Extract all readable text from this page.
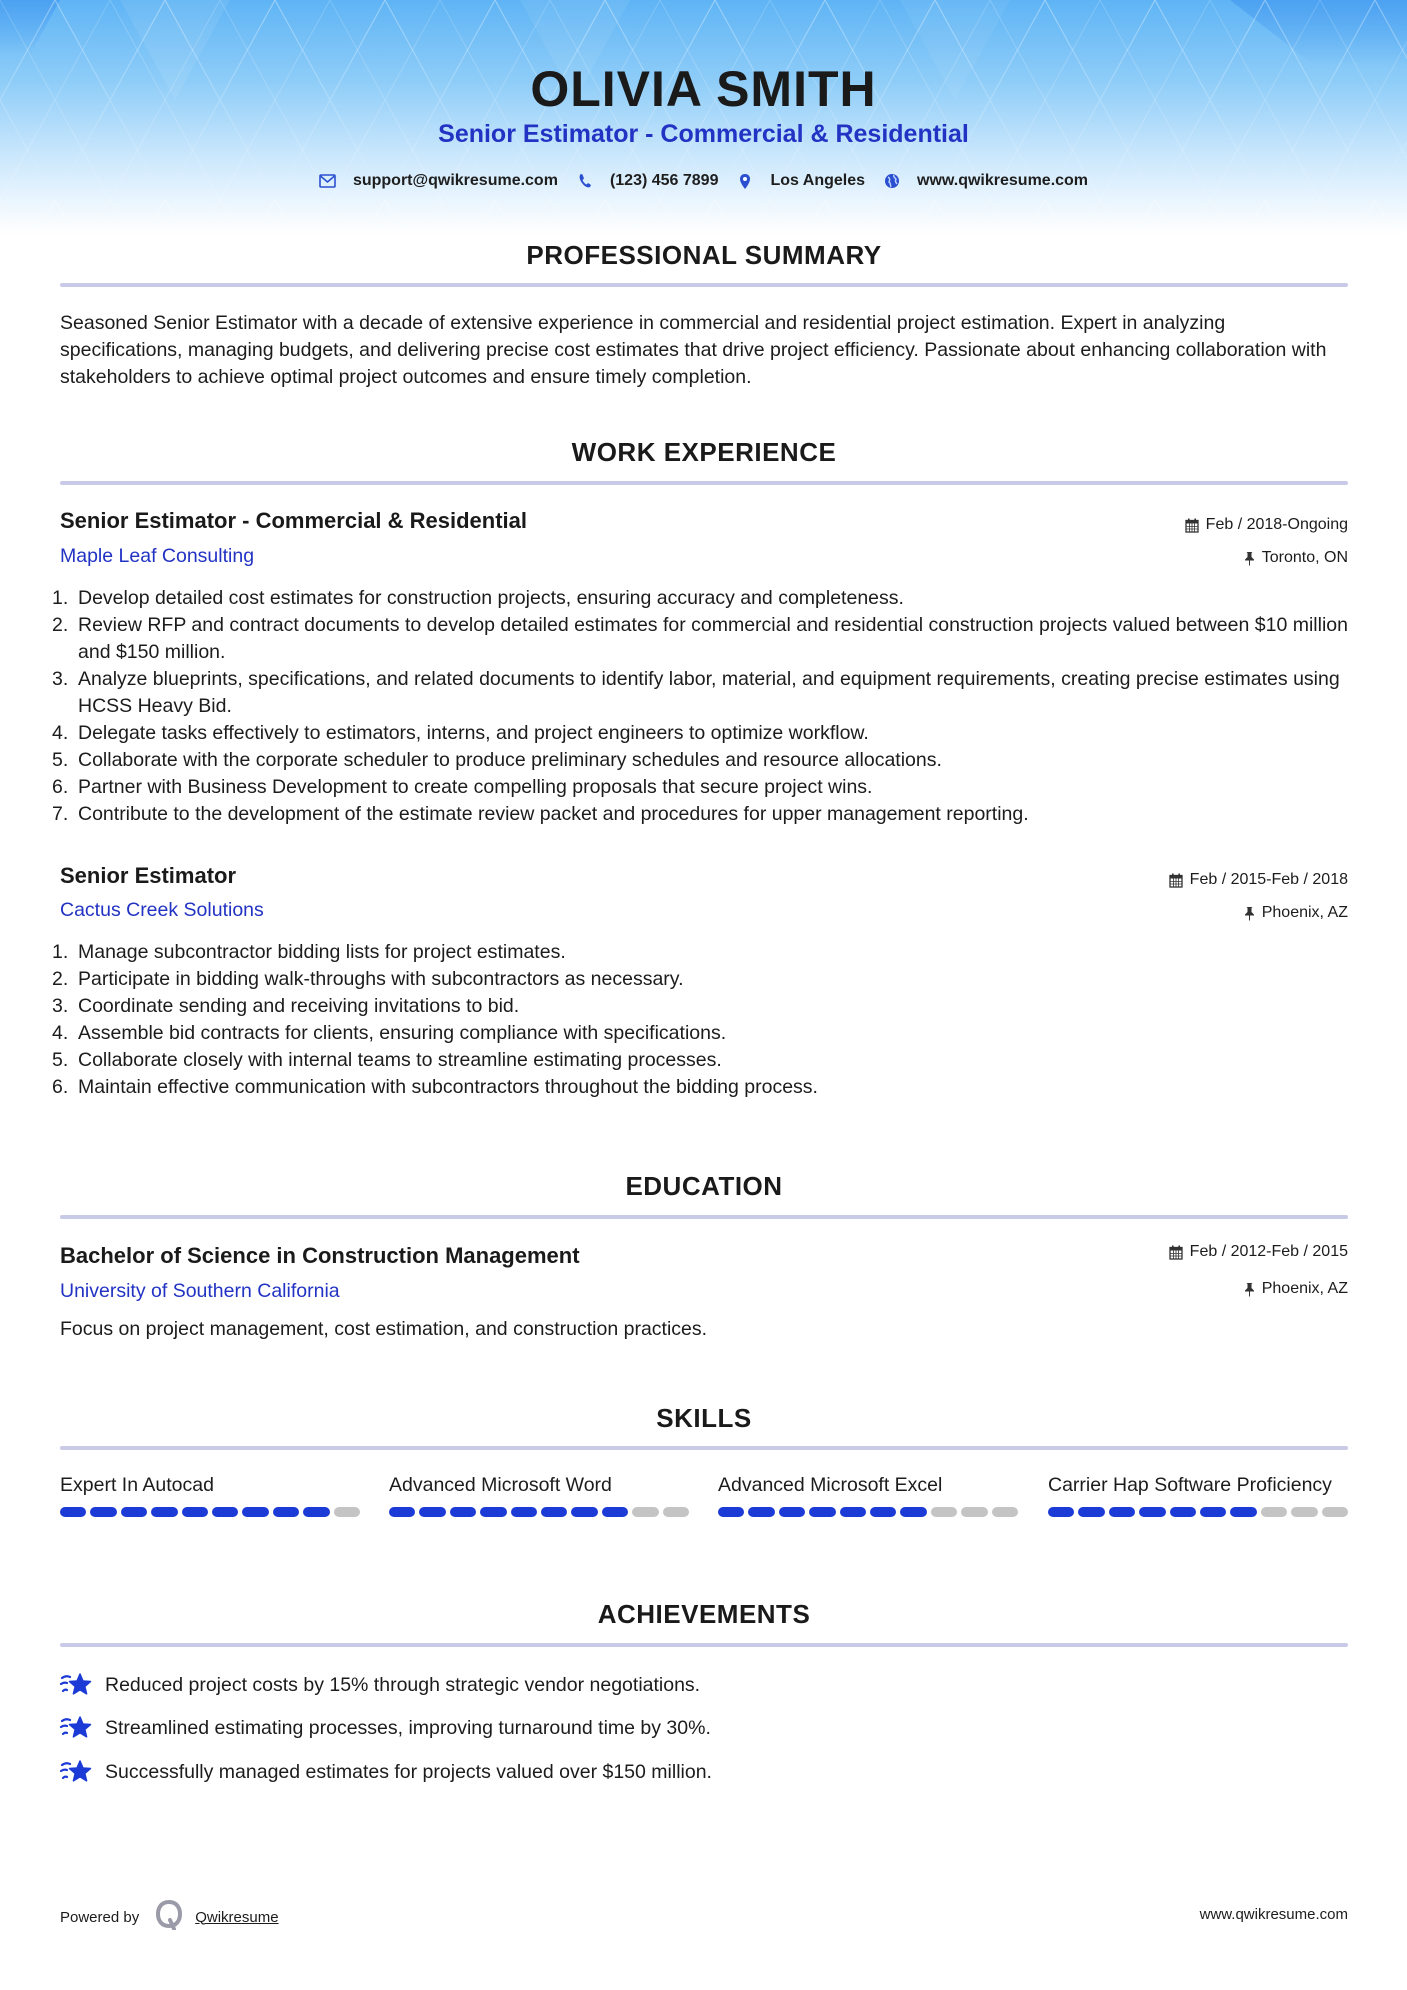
OLIVIA SMITH
Senior Estimator - Commercial & Residential
support@qwikresume.com	(123) 456 7899	Los Angeles	www.qwikresume.com
PROFESSIONAL SUMMARY
Seasoned Senior Estimator with a decade of extensive experience in commercial and residential project estimation. Expert in analyzing specifications, managing budgets, and delivering precise cost estimates that drive project efficiency. Passionate about enhancing collaboration with stakeholders to achieve optimal project outcomes and ensure timely completion.
WORK EXPERIENCE
Senior Estimator - Commercial & Residential
Maple Leaf Consulting
Feb / 2018-Ongoing
Toronto, ON
1. Develop detailed cost estimates for construction projects, ensuring accuracy and completeness.
2. Review RFP and contract documents to develop detailed estimates for commercial and residential construction projects valued between $10 million and $150 million.
3. Analyze blueprints, specifications, and related documents to identify labor, material, and equipment requirements, creating precise estimates using HCSS Heavy Bid.
4. Delegate tasks effectively to estimators, interns, and project engineers to optimize workflow.
5. Collaborate with the corporate scheduler to produce preliminary schedules and resource allocations.
6. Partner with Business Development to create compelling proposals that secure project wins.
7. Contribute to the development of the estimate review packet and procedures for upper management reporting.
Senior Estimator
Cactus Creek Solutions
Feb / 2015-Feb / 2018
Phoenix, AZ
1. Manage subcontractor bidding lists for project estimates.
2. Participate in bidding walk-throughs with subcontractors as necessary.
3. Coordinate sending and receiving invitations to bid.
4. Assemble bid contracts for clients, ensuring compliance with specifications.
5. Collaborate closely with internal teams to streamline estimating processes.
6. Maintain effective communication with subcontractors throughout the bidding process.
EDUCATION
Bachelor of Science in Construction Management
University of Southern California
Feb / 2012-Feb / 2015
Phoenix, AZ
Focus on project management, cost estimation, and construction practices.
SKILLS
Expert In Autocad	Advanced Microsoft Word	Advanced Microsoft Excel	Carrier Hap Software Proficiency
ACHIEVEMENTS
Reduced project costs by 15% through strategic vendor negotiations.
Streamlined estimating processes, improving turnaround time by 30%.
Successfully managed estimates for projects valued over $150 million.
Powered by	Qwikresume	www.qwikresume.com
